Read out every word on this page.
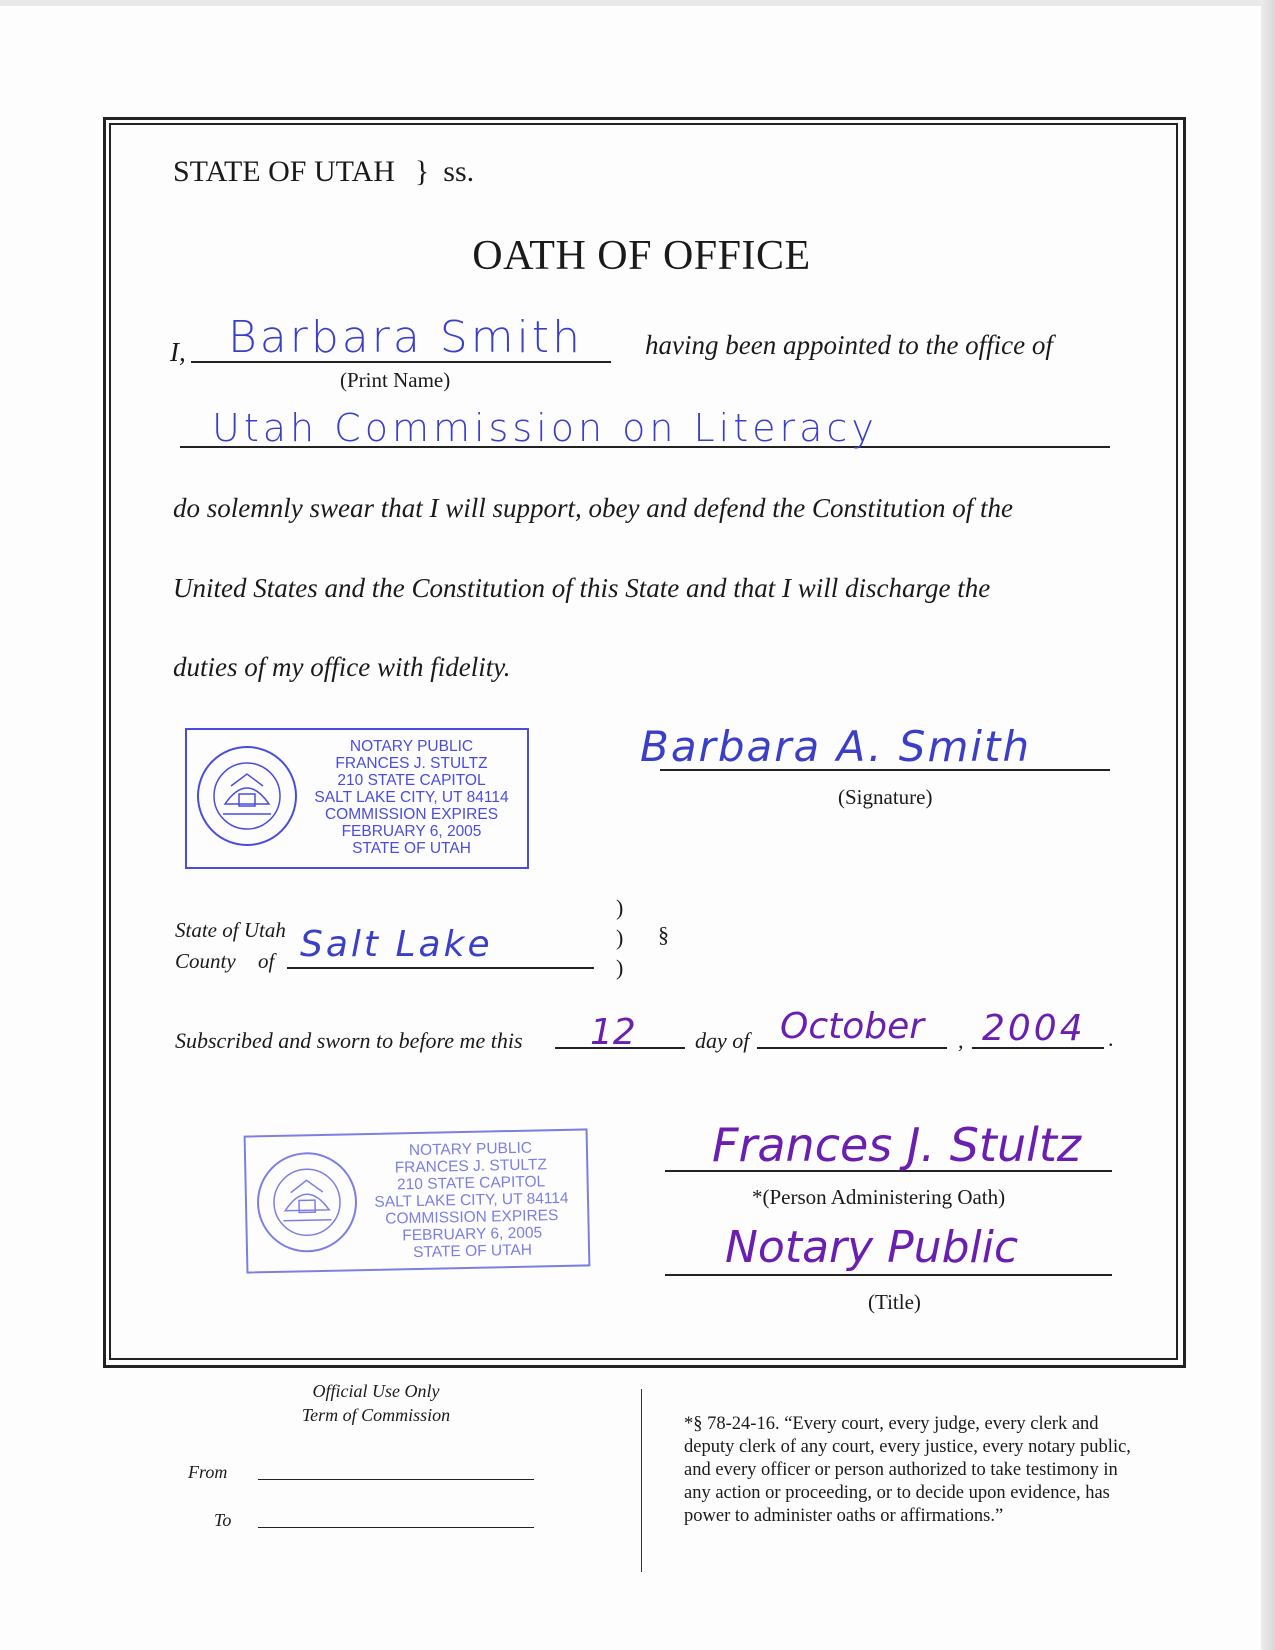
STATE OF UTAH } ss.
OATH OF OFFICE
I, Barbara Smith
(Print Name)
having been appointed to the office of
Utah Commission on Literacy
do solemnly swear that I will support, obey and defend the Constitution of the
United States and the Constitution of this State and that I will discharge the
duties of my office with fidelity.
NOTARY PUBLIC
FRANCES J. STULTZ
210 STATE CAPITOL
SALT LAKE CITY, UT 84114
COMMISSION EXPIRES
FEBRUARY 6, 2005
STATE OF UTAH
Barbara A. Smith
(Signature)
State of Utah
County of Salt Lake
)
)
)
§
Subscribed and sworn to before me this 12	day of October , 2004 .
NOTARY PUBLIC
FRANCES J. STULTZ
210 STATE CAPITOL
SALT LAKE CITY, UT 84114
COMMISSION EXPIRES
FEBRUARY 6, 2005
STATE OF UTAH
Frances J. Stultz
*(Person Administering Oath)
Notary Public
(Title)
Official Use Only
Term of Commission
From
To
*§ 78-24-16. “Every court, every judge, every clerk and
deputy clerk of any court, every justice, every notary public,
and every officer or person authorized to take testimony in
any action or proceeding, or to decide upon evidence, has
power to administer oaths or affirmations.”
